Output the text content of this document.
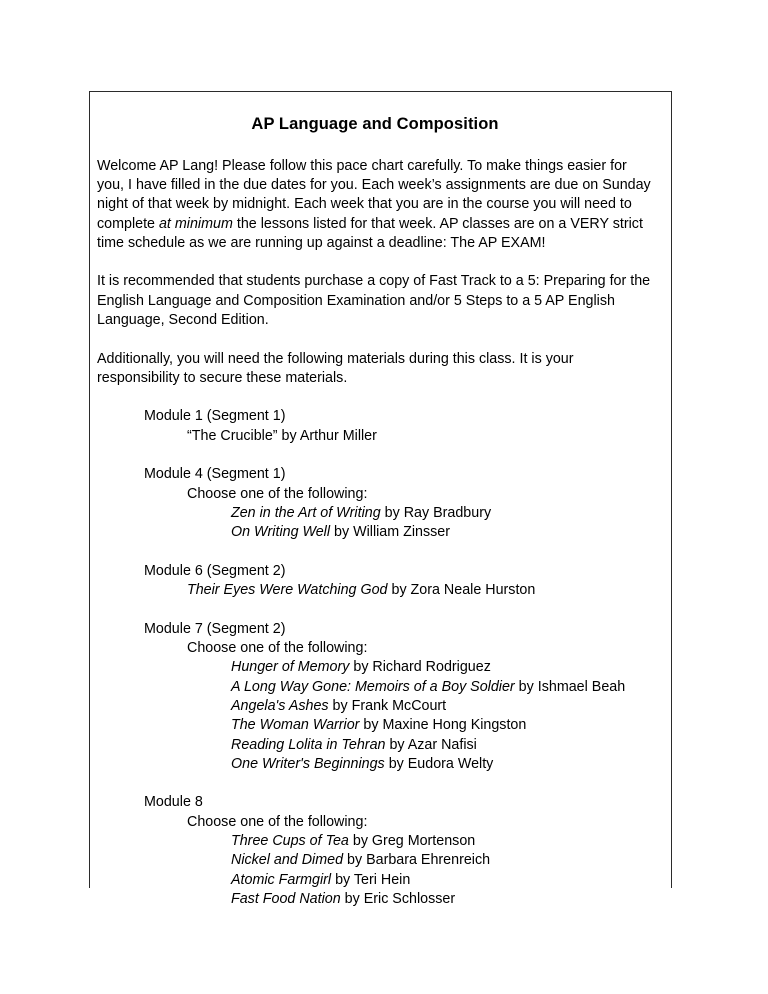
AP Language and Composition
Welcome AP Lang! Please follow this pace chart carefully. To make things easier for you, I have filled in the due dates for you. Each week’s assignments are due on Sunday night of that week by midnight. Each week that you are in the course you will need to complete at minimum the lessons listed for that week. AP classes are on a VERY strict time schedule as we are running up against a deadline: The AP EXAM!
It is recommended that students purchase a copy of Fast Track to a 5: Preparing for the English Language and Composition Examination and/or 5 Steps to a 5 AP English Language, Second Edition.
Additionally, you will need the following materials during this class. It is your responsibility to secure these materials.
Module 1 (Segment 1)
“The Crucible” by Arthur Miller
Module 4 (Segment 1)
Choose one of the following:
Zen in the Art of Writing by Ray Bradbury
On Writing Well by William Zinsser
Module 6 (Segment 2)
Their Eyes Were Watching God by Zora Neale Hurston
Module 7 (Segment 2)
Choose one of the following:
Hunger of Memory by Richard Rodriguez
A Long Way Gone: Memoirs of a Boy Soldier by Ishmael Beah
Angela's Ashes by Frank McCourt
The Woman Warrior by Maxine Hong Kingston
Reading Lolita in Tehran by Azar Nafisi
One Writer's Beginnings by Eudora Welty
Module 8
Choose one of the following:
Three Cups of Tea by Greg Mortenson
Nickel and Dimed by Barbara Ehrenreich
Atomic Farmgirl by Teri Hein
Fast Food Nation by Eric Schlosser
